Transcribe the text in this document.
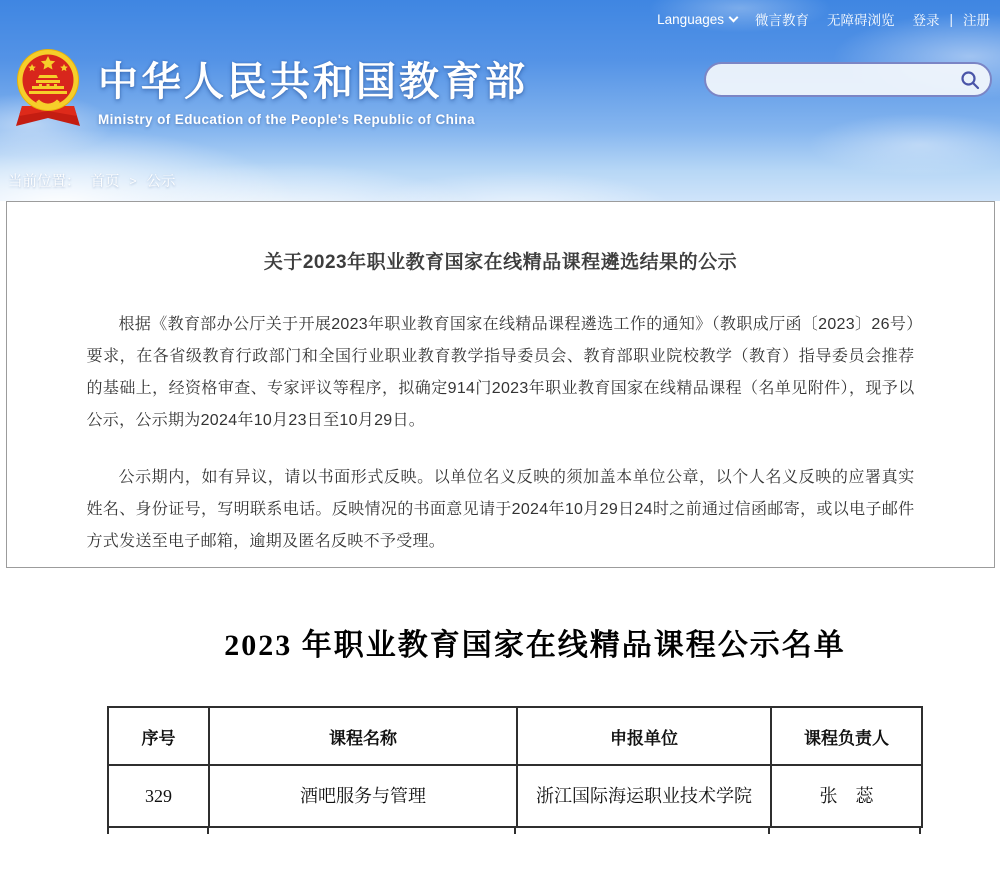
Languages 微言教育 无障碍浏览 登录 | 注册
中华人民共和国教育部
Ministry of Education of the People's Republic of China
当前位置： 首页 > 公示
关于2023年职业教育国家在线精品课程遴选结果的公示

根据《教育部办公厅关于开展2023年职业教育国家在线精品课程遴选工作的通知》（教职成厅函〔2023〕26号）要求，在各省级教育行政部门和全国行业职业教育教学指导委员会、教育部职业院校教学（教育）指导委员会推荐的基础上，经资格审查、专家评议等程序，拟确定914门2023年职业教育国家在线精品课程（名单见附件），现予以公示，公示期为2024年10月23日至10月29日。

公示期内，如有异议，请以书面形式反映。以单位名义反映的须加盖本单位公章，以个人名义反映的应署真实姓名、身份证号，写明联系电话。反映情况的书面意见请于2024年10月29日24时之前通过信函邮寄，或以电子邮件方式发送至电子邮箱，逾期及匿名反映不予受理。

2023 年职业教育国家在线精品课程公示名单
序号	课程名称	申报单位	课程负责人
329	酒吧服务与管理	浙江国际海运职业技术学院	张　蕊
